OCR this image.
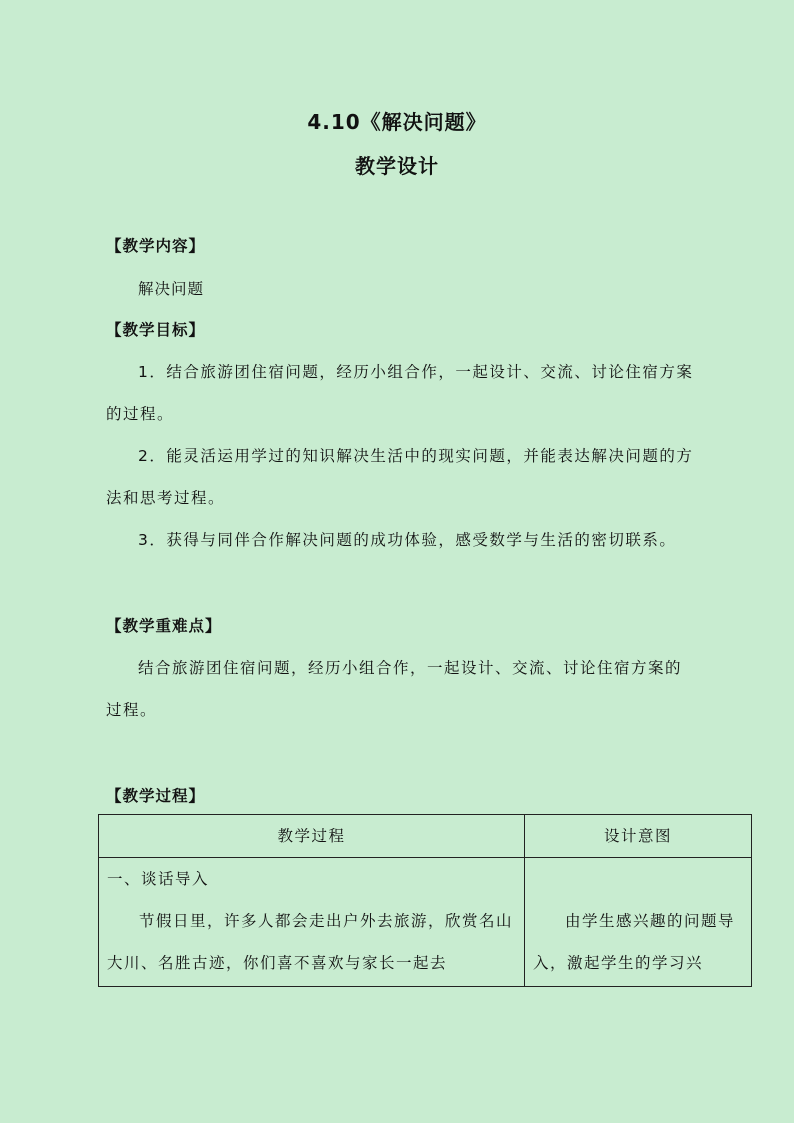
4.10《解决问题》
教学设计
【教学内容】
解决问题
【教学目标】
1．结合旅游团住宿问题，经历小组合作，一起设计、交流、讨论住宿方案的过程。
2．能灵活运用学过的知识解决生活中的现实问题，并能表达解决问题的方法和思考过程。
3．获得与同伴合作解决问题的成功体验，感受数学与生活的密切联系。
【教学重难点】
结合旅游团住宿问题，经历小组合作，一起设计、交流、讨论住宿方案的过程。
【教学过程】
教学过程	设计意图

一、谈话导入
节假日里，许多人都会走出户外去旅游，欣赏名山大川、名胜古迹，你们喜不喜欢与家长一起去	由学生感兴趣的问题导入，激起学生的学习兴
